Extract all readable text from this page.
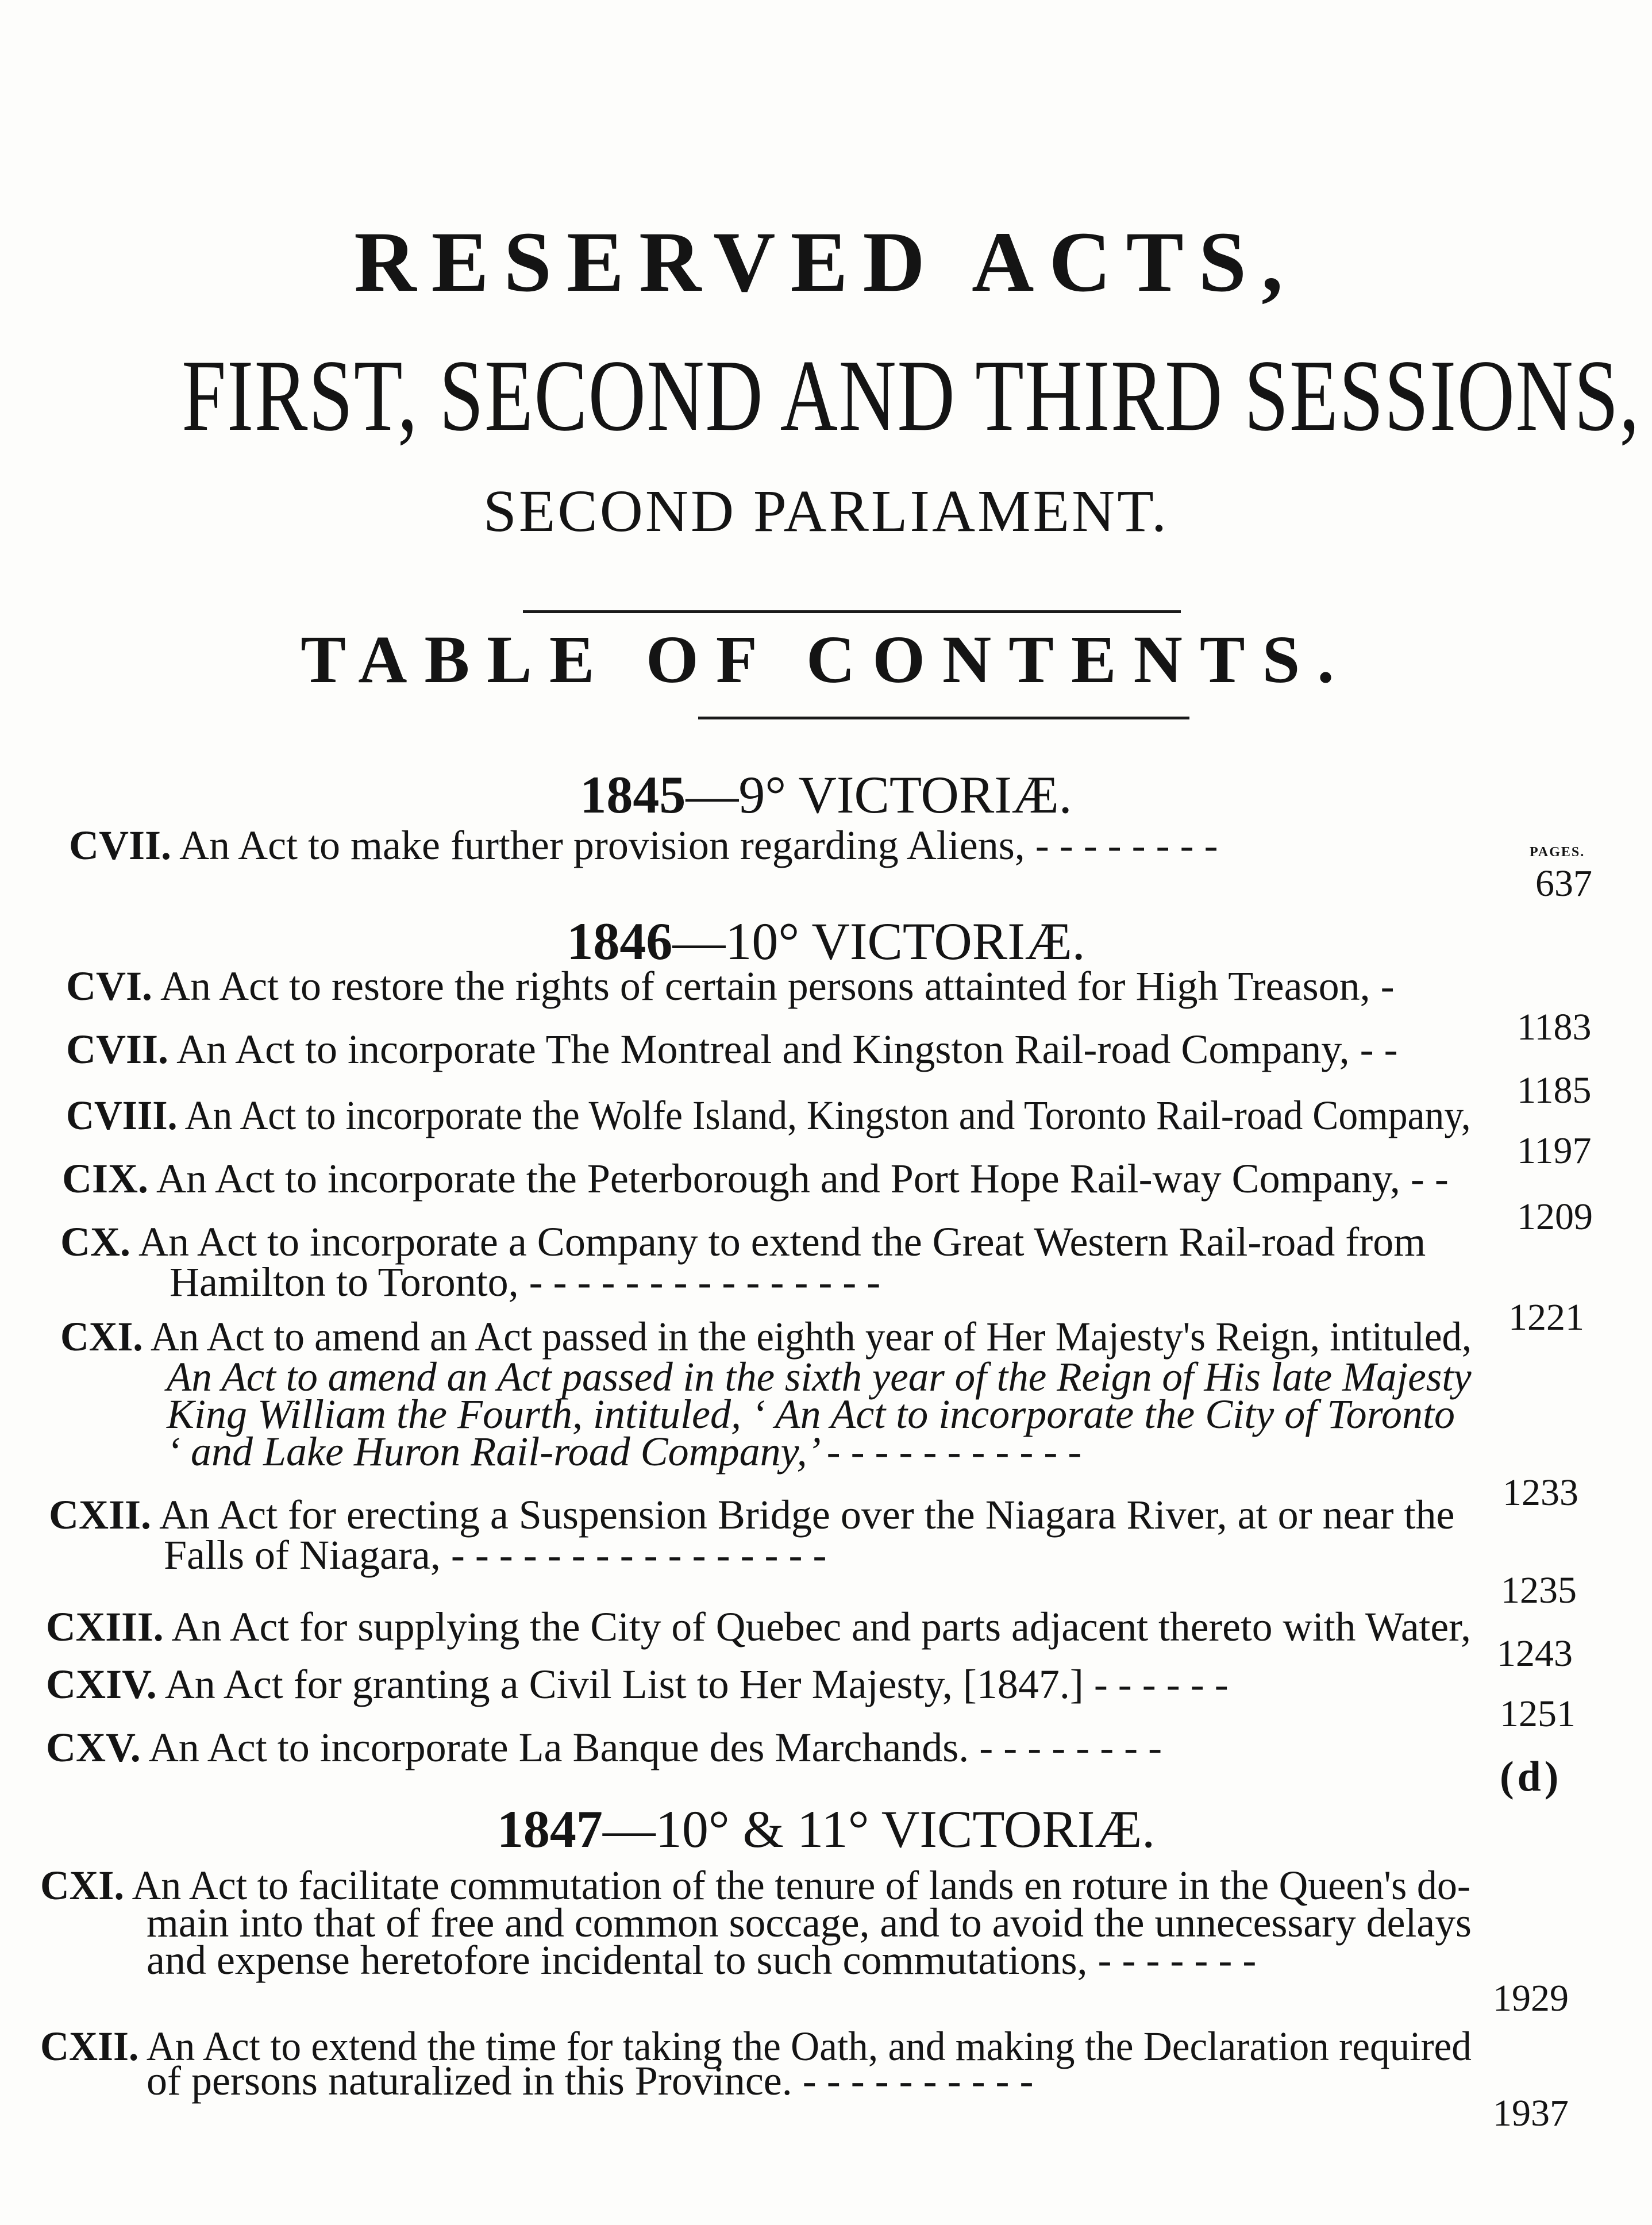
RESERVED ACTS,
FIRST, SECOND AND THIRD SESSIONS,
SECOND PARLIAMENT.
TABLE OF CONTENTS.
1845—9° VICTORIÆ.
PAGES.
CVII. An Act to make further provision regarding Aliens, - - - - - - - -
637
1846—10° VICTORIÆ.
CVI. An Act to restore the rights of certain persons attainted for High Treason, -
1183
CVII. An Act to incorporate The Montreal and Kingston Rail-road Company, - -
1185
CVIII. An Act to incorporate the Wolfe Island, Kingston and Toronto Rail-road Company,
1197
CIX. An Act to incorporate the Peterborough and Port Hope Rail-way Company, - -
1209
CX. An Act to incorporate a Company to extend the Great Western Rail-road from
Hamilton to Toronto, - - - - - - - - - - - - - - -
1221
CXI. An Act to amend an Act passed in the eighth year of Her Majesty's Reign, intituled,
An Act to amend an Act passed in the sixth year of the Reign of His late Majesty
King William the Fourth, intituled, ‘ An Act to incorporate the City of Toronto
‘ and Lake Huron Rail-road Company,’ - - - - - - - - - - -
1233
CXII. An Act for erecting a Suspension Bridge over the Niagara River, at or near the
Falls of Niagara, - - - - - - - - - - - - - - - -
1235
CXIII. An Act for supplying the City of Quebec and parts adjacent thereto with Water,
1243
CXIV. An Act for granting a Civil List to Her Majesty, [1847.] - - - - - -
1251
CXV. An Act to incorporate La Banque des Marchands. - - - - - - - -
(d)
1847—10° & 11° VICTORIÆ.
CXI. An Act to facilitate commutation of the tenure of lands en roture in the Queen's do-
main into that of free and common soccage, and to avoid the unnecessary delays
and expense heretofore incidental to such commutations, - - - - - - -
1929
CXII. An Act to extend the time for taking the Oath, and making the Declaration required
of persons naturalized in this Province. - - - - - - - - - -
1937
